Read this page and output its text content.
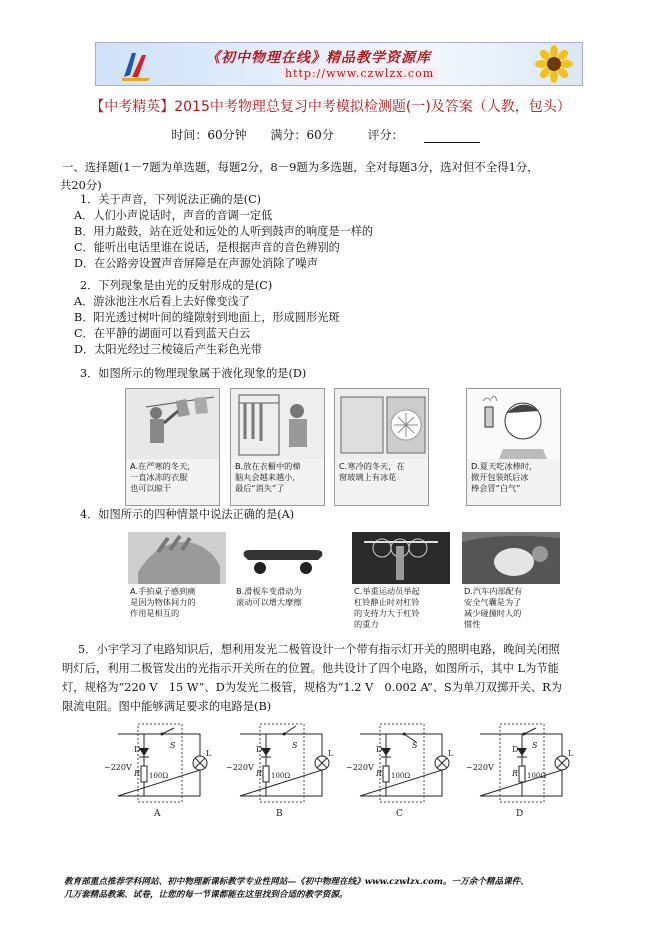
《初中物理在线》精品教学资源库
http://www.czwlzx.com
【中考精英】2015中考物理总复习中考模拟检测题(一)及答案（人教，包头）
时间：60分钟 满分：60分	评分：
一、选择题(1－7题为单选题，每题2分，8－9题为多选题，全对每题3分，选对但不全得1分，
共20分)
1．关于声音，下列说法正确的是(C)
A．人们小声说话时，声音的音调一定低
B．用力敲鼓，站在近处和远处的人听到鼓声的响度是一样的
C．能听出电话里谁在说话，是根据声音的音色辨别的
D．在公路旁设置声音屏障是在声源处消除了噪声
2．下列现象是由光的反射形成的是(C)
A．游泳池注水后看上去好像变浅了
B．阳光透过树叶间的缝隙射到地面上，形成圆形光斑
C．在平静的湖面可以看到蓝天白云
D．太阳光经过三棱镜后产生彩色光带
3．如图所示的物理现象属于液化现象的是(D)
A.在严寒的冬天，
一直冰冻的衣服
也可以晾干
B.放在衣橱中的樟
脑丸会越来越小，
最后“消失”了
C.寒冷的冬天，在
窗玻璃上有冰花
D.夏天吃冰棒时，
掀开包装纸后冰
棒会冒“白气”
4．如图所示的四种情景中说法正确的是(A)
A.手拍桌子感到痛
是因为物体间力的
作用是相互的
B.滑板车变滑动为
滚动可以增大摩擦
C.举重运动员举起
杠铃静止时对杠铃
的支持力大于杠铃
的重力
D.汽车内部配有
安全气囊是为了
减少碰撞时人的
惯性
5．小宇学习了电路知识后，想利用发光二极管设计一个带有指示灯开关的照明电路，晚间关闭照
明灯后，利用二极管发出的光指示开关所在的位置。他共设计了四个电路，如图所示，其中 L为节能
灯，规格为“220 V　15 W”、D为发光二极管，规格为“1.2 V　0.002 A”、S为单刀双掷开关、R为
限流电阻。图中能够满足要求的电路是(B)
~220V
S
D
R 100Ω
L
A
~220V
S
D
R 100Ω
L
B
~220V
S
D
R 100Ω
L
C
~220V
S
D
R 100Ω
L
D
教育部重点推荐学科网站、初中物理新课标教学专业性网站—《初中物理在线》www.czwlzx.com。一万余个精品课件、
几万套精品教案、试卷，让您的每一节课都能在这里找到合适的教学资源。
